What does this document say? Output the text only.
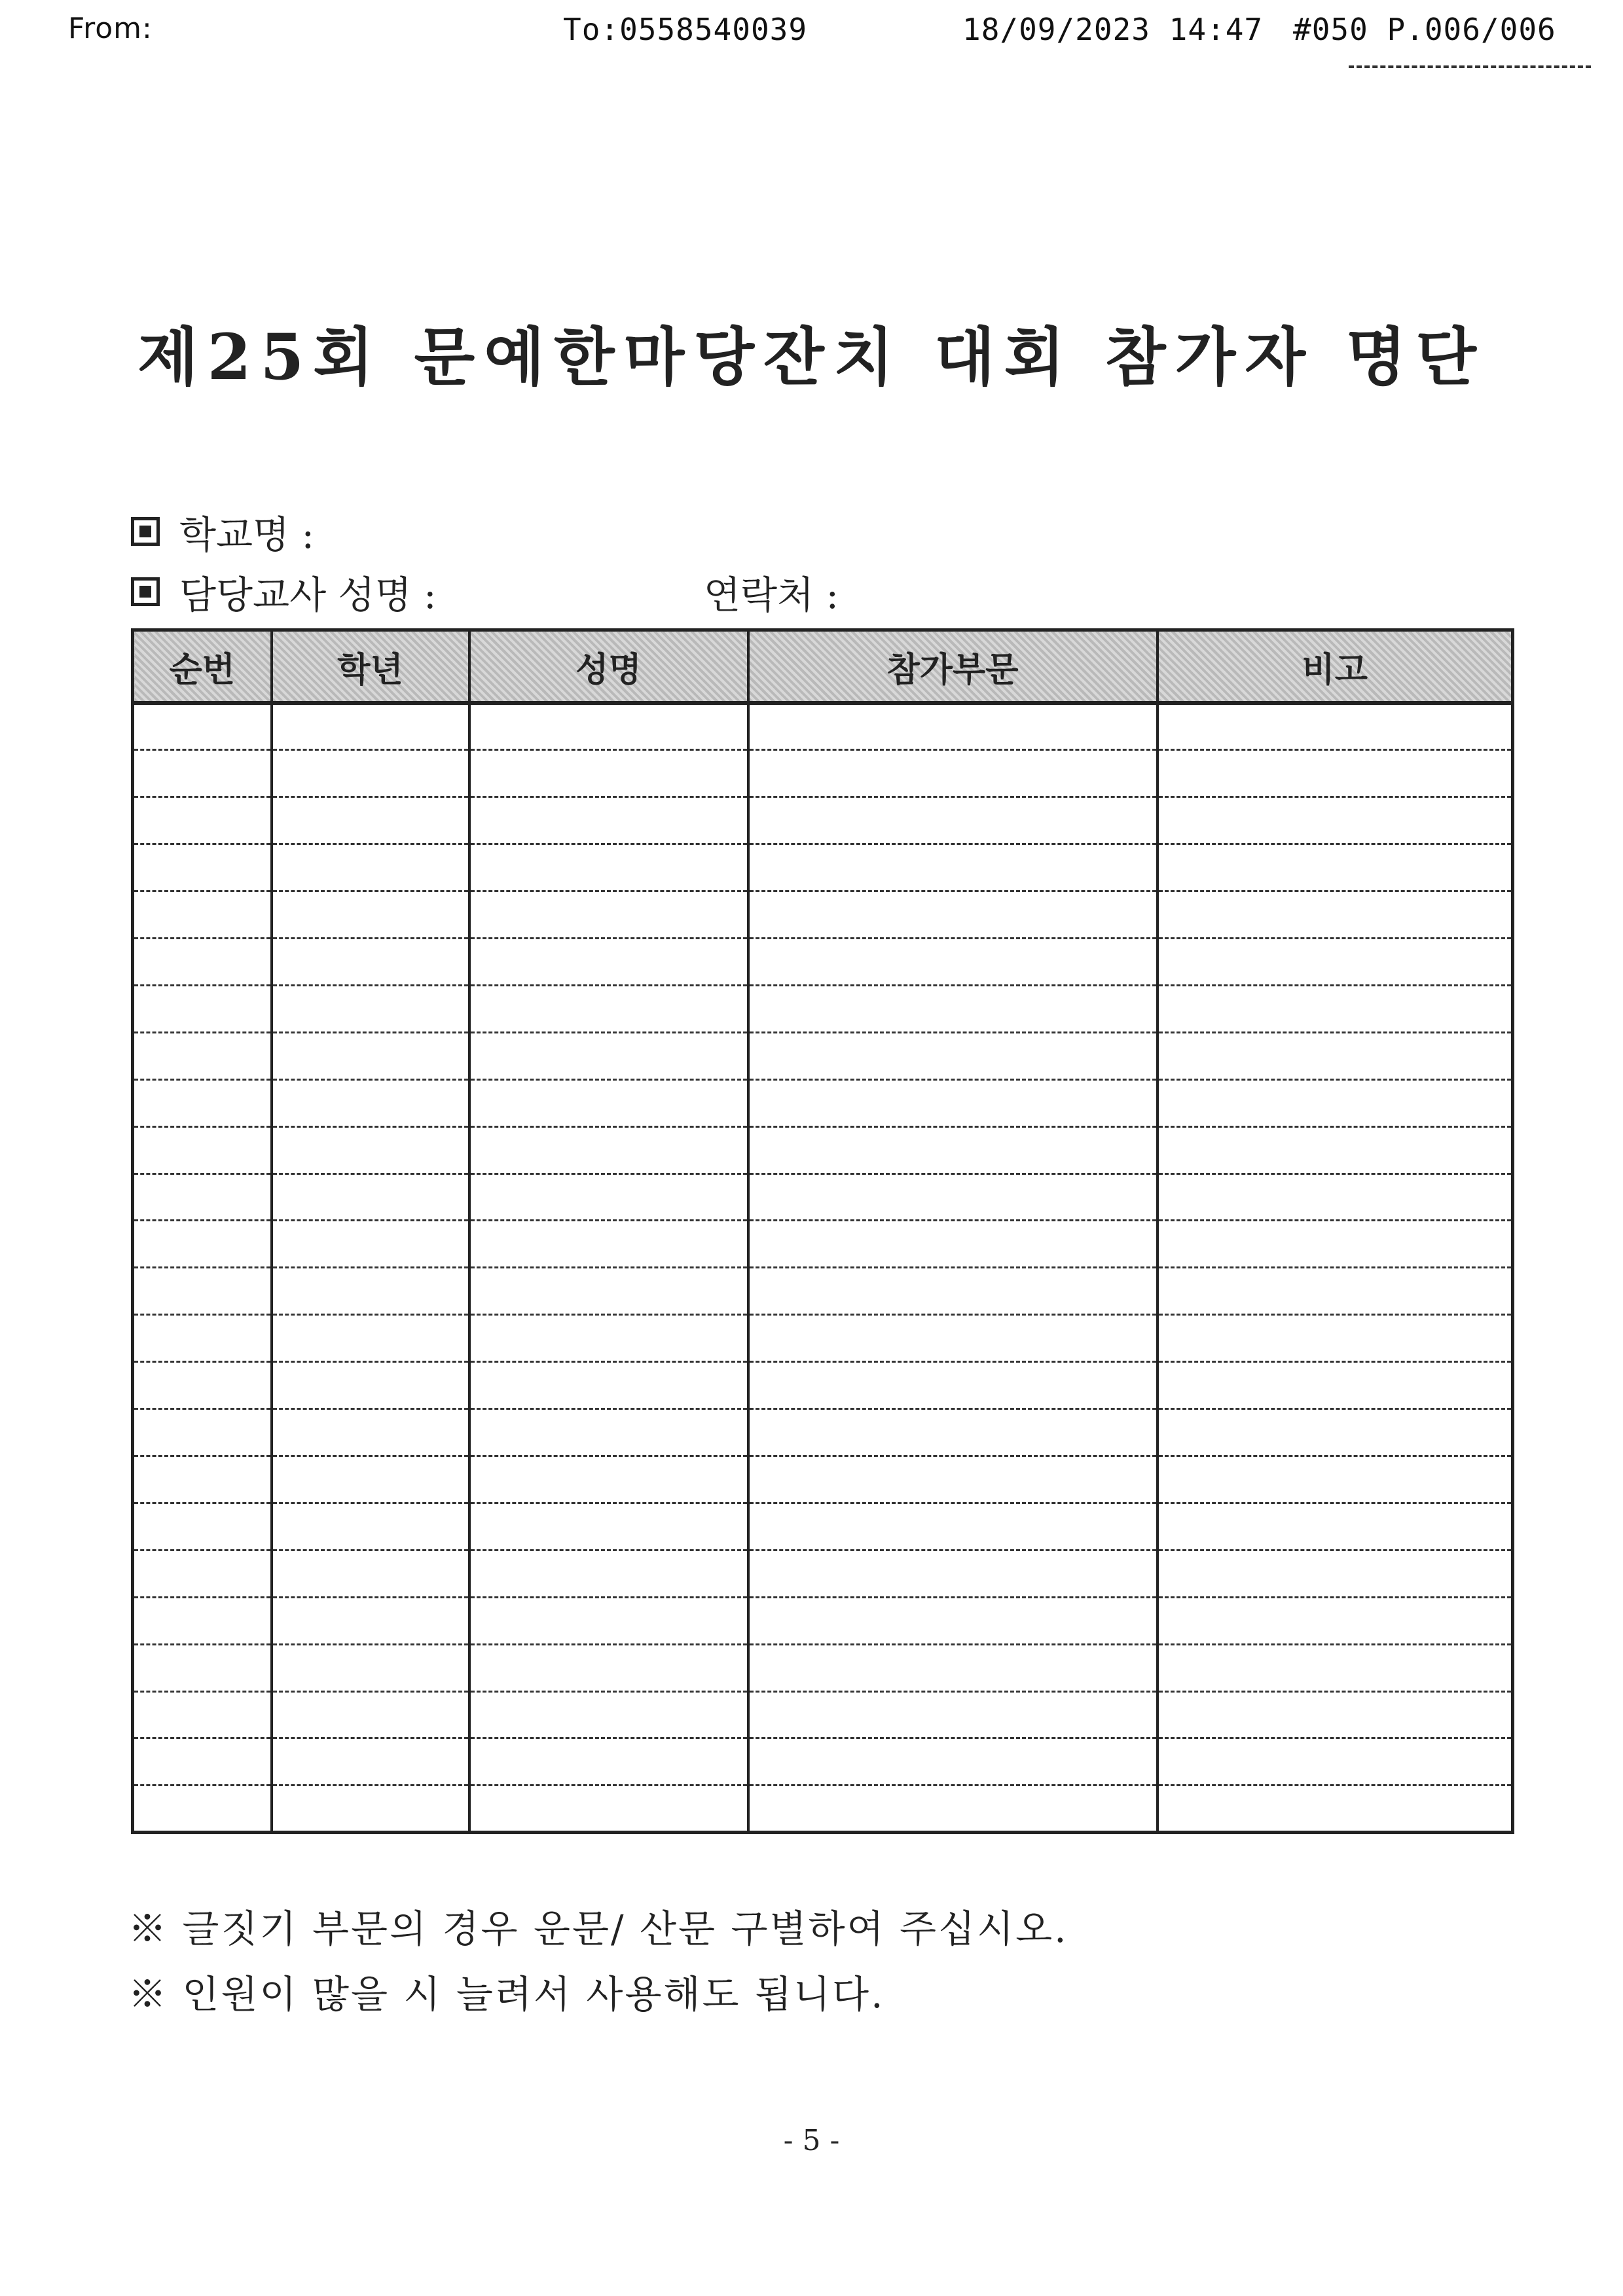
From:	To:0558540039	18/09/2023 14:47 #050 P.006/006
제25회 문예한마당잔치 대회 참가자 명단
학교명 :
담당교사 성명 :	연락처 :
순번	학년	성명	참가부문	비고

※ 글짓기 부문의 경우 운문/ 산문 구별하여 주십시오.
※ 인원이 많을 시 늘려서 사용해도 됩니다.
- 5 -
